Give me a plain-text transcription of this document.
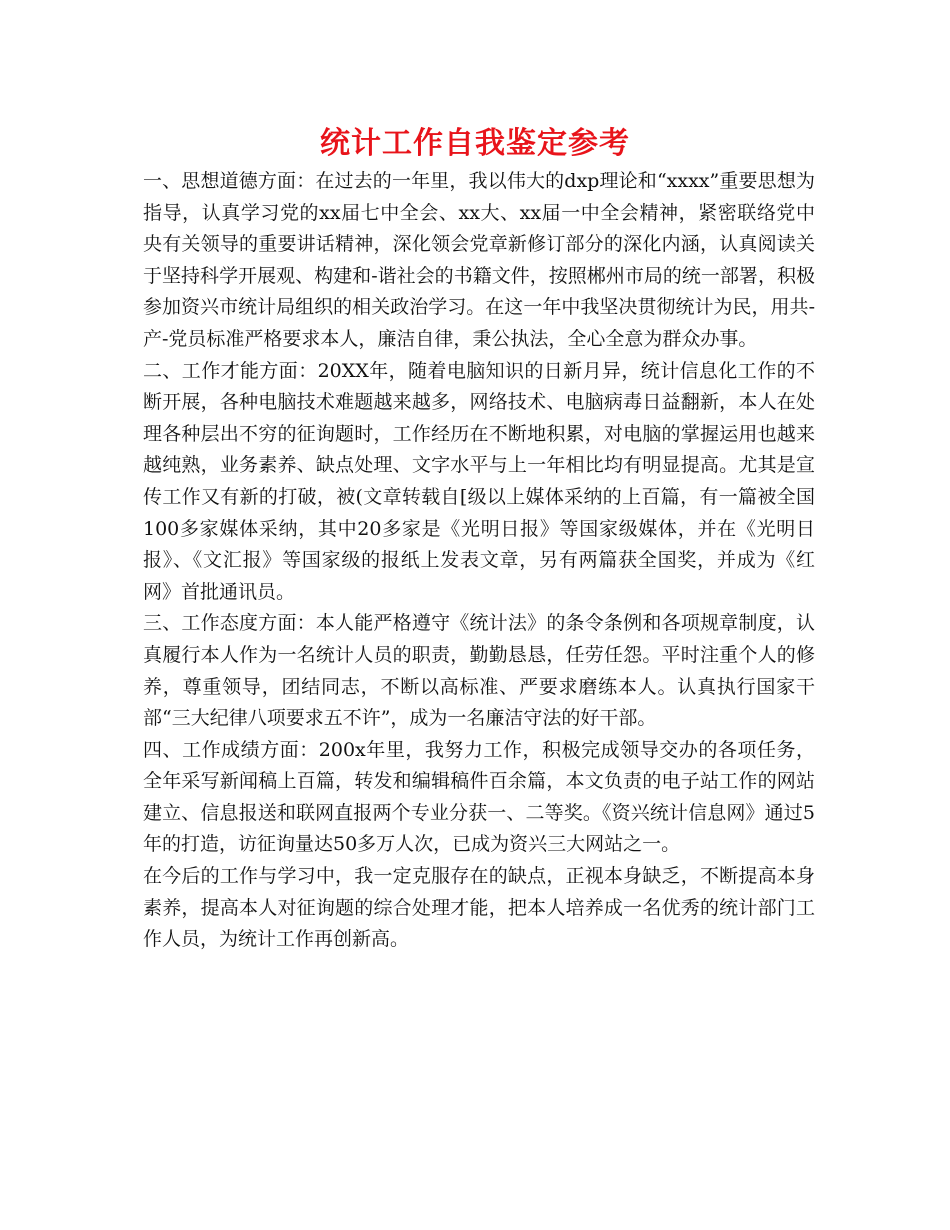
统计工作自我鉴定参考

一、思想道德方面：在过去的一年里，我以伟大的dxp理论和“xxxx”重要思想为指导，认真学习党的xx届七中全会、xx大、xx届一中全会精神，紧密联络党中央有关领导的重要讲话精神，深化领会党章新修订部分的深化内涵，认真阅读关于坚持科学开展观、构建和-谐社会的书籍文件，按照郴州市局的统一部署，积极参加资兴市统计局组织的相关政治学习。在这一年中我坚决贯彻统计为民，用共-产-党员标准严格要求本人，廉洁自律，秉公执法，全心全意为群众办事。

二、工作才能方面：20XX年，随着电脑知识的日新月异，统计信息化工作的不断开展，各种电脑技术难题越来越多，网络技术、电脑病毒日益翻新，本人在处理各种层出不穷的征询题时，工作经历在不断地积累，对电脑的掌握运用也越来越纯熟，业务素养、缺点处理、文字水平与上一年相比均有明显提高。尤其是宣传工作又有新的打破，被(文章转载自[级以上媒体采纳的上百篇，有一篇被全国100多家媒体采纳，其中20多家是《光明日报》等国家级媒体，并在《光明日报》、《文汇报》等国家级的报纸上发表文章，另有两篇获全国奖，并成为《红网》首批通讯员。

三、工作态度方面：本人能严格遵守《统计法》的条令条例和各项规章制度，认真履行本人作为一名统计人员的职责，勤勤恳恳，任劳任怨。平时注重个人的修养，尊重领导，团结同志，不断以高标准、严要求磨练本人。认真执行国家干部“三大纪律八项要求五不许”，成为一名廉洁守法的好干部。

四、工作成绩方面：200x年里，我努力工作，积极完成领导交办的各项任务，全年采写新闻稿上百篇，转发和编辑稿件百余篇，本文负责的电子站工作的网站建立、信息报送和联网直报两个专业分获一、二等奖。《资兴统计信息网》通过5年的打造，访征询量达50多万人次，已成为资兴三大网站之一。

在今后的工作与学习中，我一定克服存在的缺点，正视本身缺乏，不断提高本身素养，提高本人对征询题的综合处理才能，把本人培养成一名优秀的统计部门工作人员，为统计工作再创新高。
